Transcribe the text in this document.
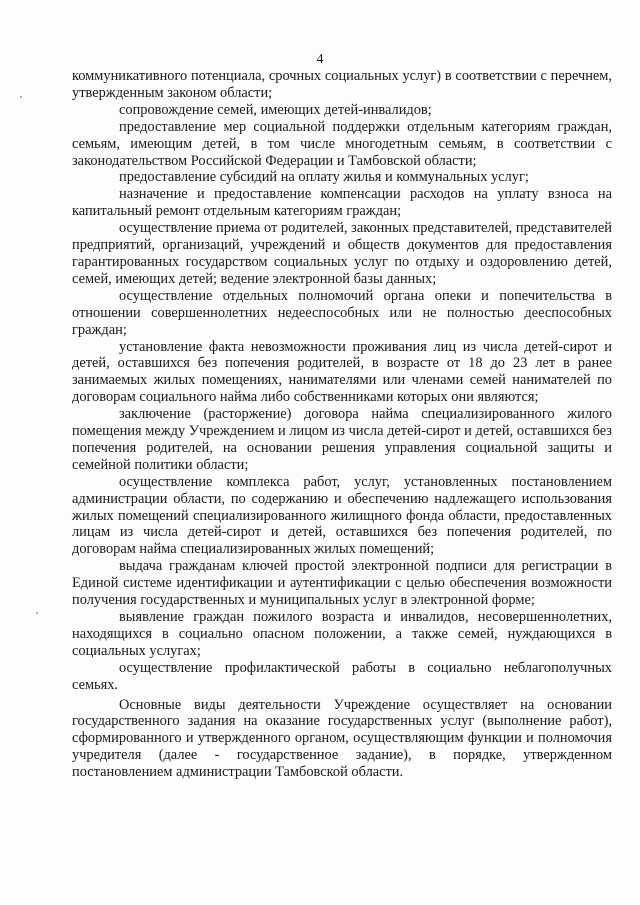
4

коммуникативного потенциала, срочных социальных услуг) в соответствии с перечнем, утвержденным законом области;

сопровождение семей, имеющих детей-инвалидов;

предоставление мер социальной поддержки отдельным категориям граждан, семьям, имеющим детей, в том числе многодетным семьям, в соответствии с законодательством Российской Федерации и Тамбовской области;

предоставление субсидий на оплату жилья и коммунальных услуг;

назначение и предоставление компенсации расходов на уплату взноса на капитальный ремонт отдельным категориям граждан;

осуществление приема от родителей, законных представителей, представителей предприятий, организаций, учреждений и обществ документов для предоставления гарантированных государством социальных услуг по отдыху и оздоровлению детей, семей, имеющих детей; ведение электронной базы данных;

осуществление отдельных полномочий органа опеки и попечительства в отношении совершеннолетних недееспособных или не полностью дееспособных граждан;

установление факта невозможности проживания лиц из числа детей-сирот и детей, оставшихся без попечения родителей, в возрасте от 18 до 23 лет в ранее занимаемых жилых помещениях, нанимателями или членами семей нанимателей по договорам социального найма либо собственниками которых они являются;

заключение (расторжение) договора найма специализированного жилого помещения между Учреждением и лицом из числа детей-сирот и детей, оставшихся без попечения родителей, на основании решения управления социальной защиты и семейной политики области;

осуществление комплекса работ, услуг, установленных постановлением администрации области, по содержанию и обеспечению надлежащего использования жилых помещений специализированного жилищного фонда области, предоставленных лицам из числа детей-сирот и детей, оставшихся без попечения родителей, по договорам найма специализированных жилых помещений;

выдача гражданам ключей простой электронной подписи для регистрации в Единой системе идентификации и аутентификации с целью обеспечения возможности получения государственных и муниципальных услуг в электронной форме;

выявление граждан пожилого возраста и инвалидов, несовершеннолетних, находящихся в социально опасном положении, а также семей, нуждающихся в социальных услугах;

осуществление профилактической работы в социально неблагополучных семьях.

Основные виды деятельности Учреждение осуществляет на основании государственного задания на оказание государственных услуг (выполнение работ), сформированного и утвержденного органом, осуществляющим функции и полномочия учредителя (далее - государственное задание), в порядке, утвержденном постановлением администрации Тамбовской области.
